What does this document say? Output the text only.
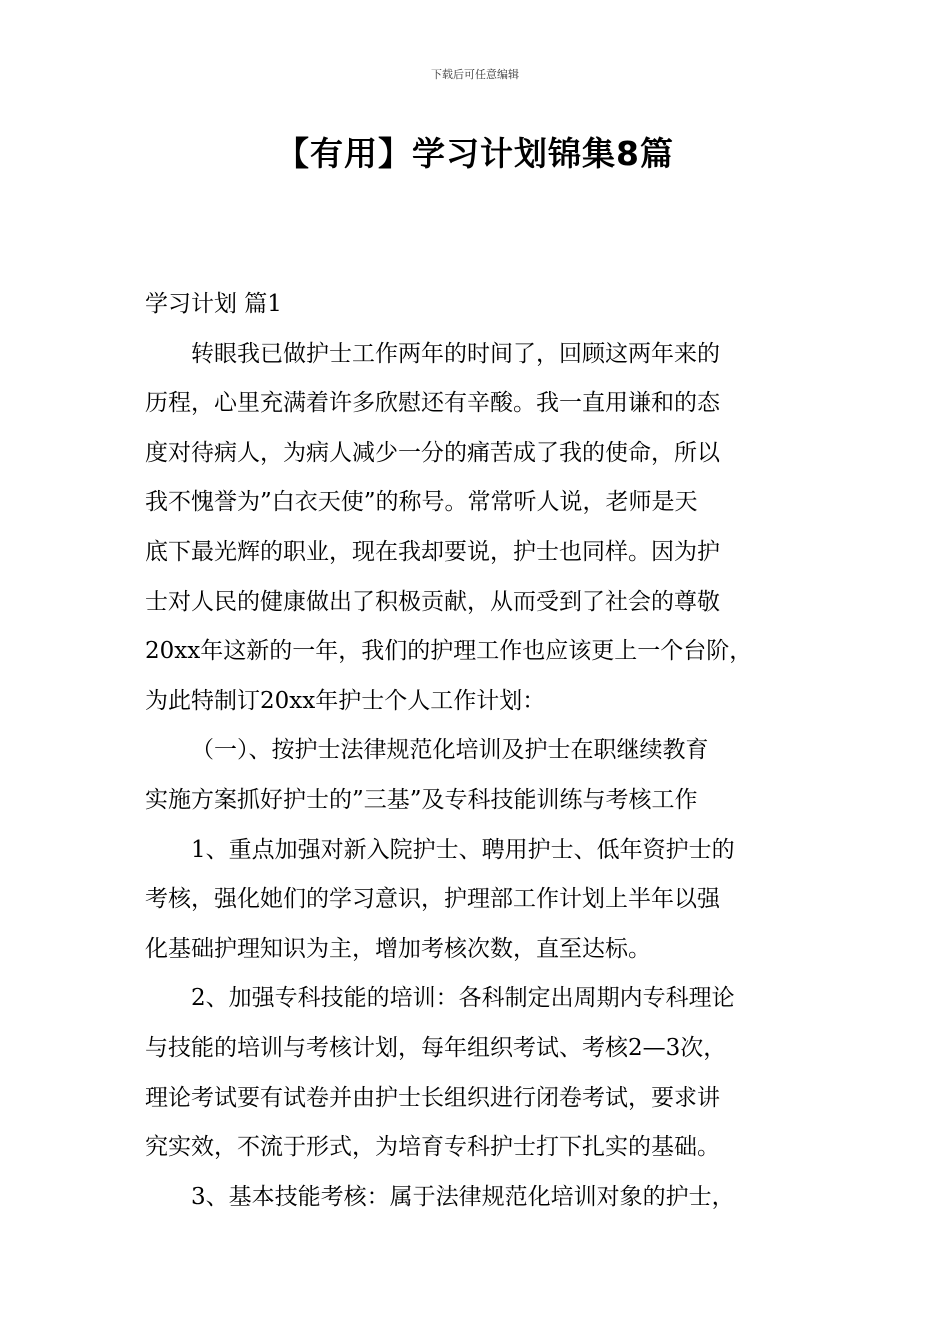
下载后可任意编辑
【有用】学习计划锦集8篇

学习计划 篇1

转眼我已做护士工作两年的时间了，回顾这两年来的
历程，心里充满着许多欣慰还有辛酸。我一直用谦和的态
度对待病人，为病人减少一分的痛苦成了我的使命，所以
我不愧誉为”白衣天使”的称号。常常听人说，老师是天
底下最光辉的职业，现在我却要说，护士也同样。因为护
士对人民的健康做出了积极贡献，从而受到了社会的尊敬
20xx年这新的一年，我们的护理工作也应该更上一个台阶，
为此特制订20xx年护士个人工作计划：

（一）、按护士法律规范化培训及护士在职继续教育
实施方案抓好护士的”三基”及专科技能训练与考核工作

1、重点加强对新入院护士、聘用护士、低年资护士的
考核，强化她们的学习意识，护理部工作计划上半年以强
化基础护理知识为主，增加考核次数，直至达标。

2、加强专科技能的培训：各科制定出周期内专科理论
与技能的培训与考核计划，每年组织考试、考核2—3次，
理论考试要有试卷并由护士长组织进行闭卷考试，要求讲
究实效，不流于形式，为培育专科护士打下扎实的基础。

3、基本技能考核：属于法律规范化培训对象的护士，
